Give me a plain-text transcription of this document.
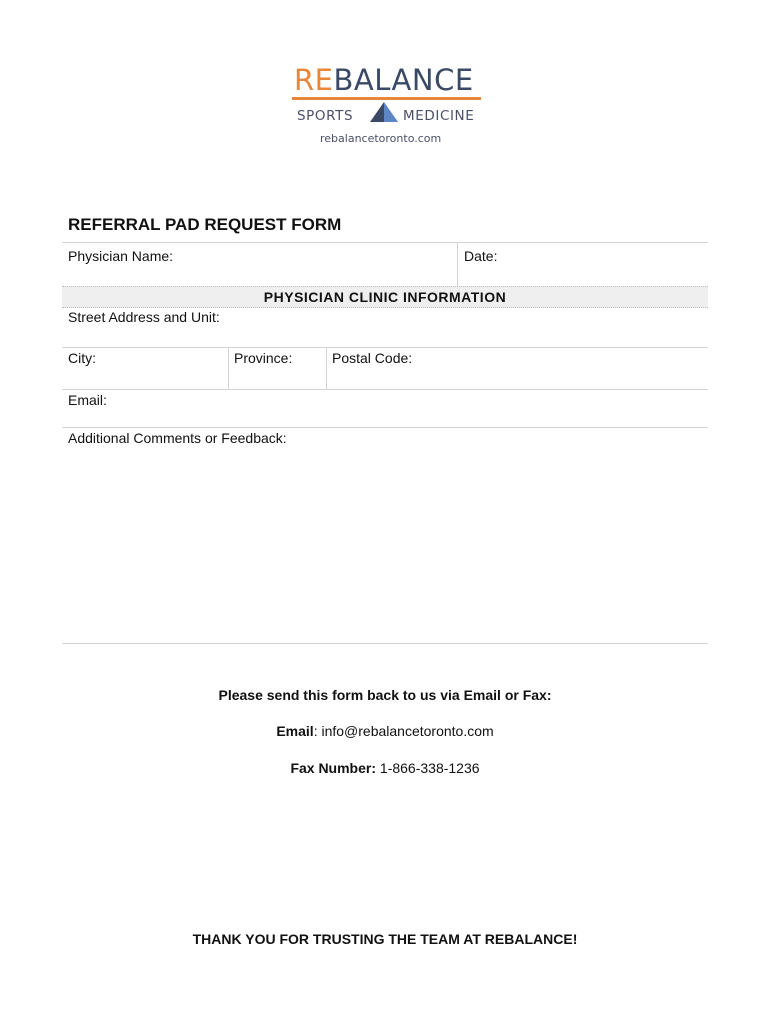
REBALANCE
SPORTS	MEDICINE
rebalancetoronto.com
REFERRAL PAD REQUEST FORM
Physician Name:	Date:
PHYSICIAN CLINIC INFORMATION
Street Address and Unit:
City:	Province:	Postal Code:
Email:
Additional Comments or Feedback:
Please send this form back to us via Email or Fax:
Email: info@rebalancetoronto.com
Fax Number: 1-866-338-1236
THANK YOU FOR TRUSTING THE TEAM AT REBALANCE!
